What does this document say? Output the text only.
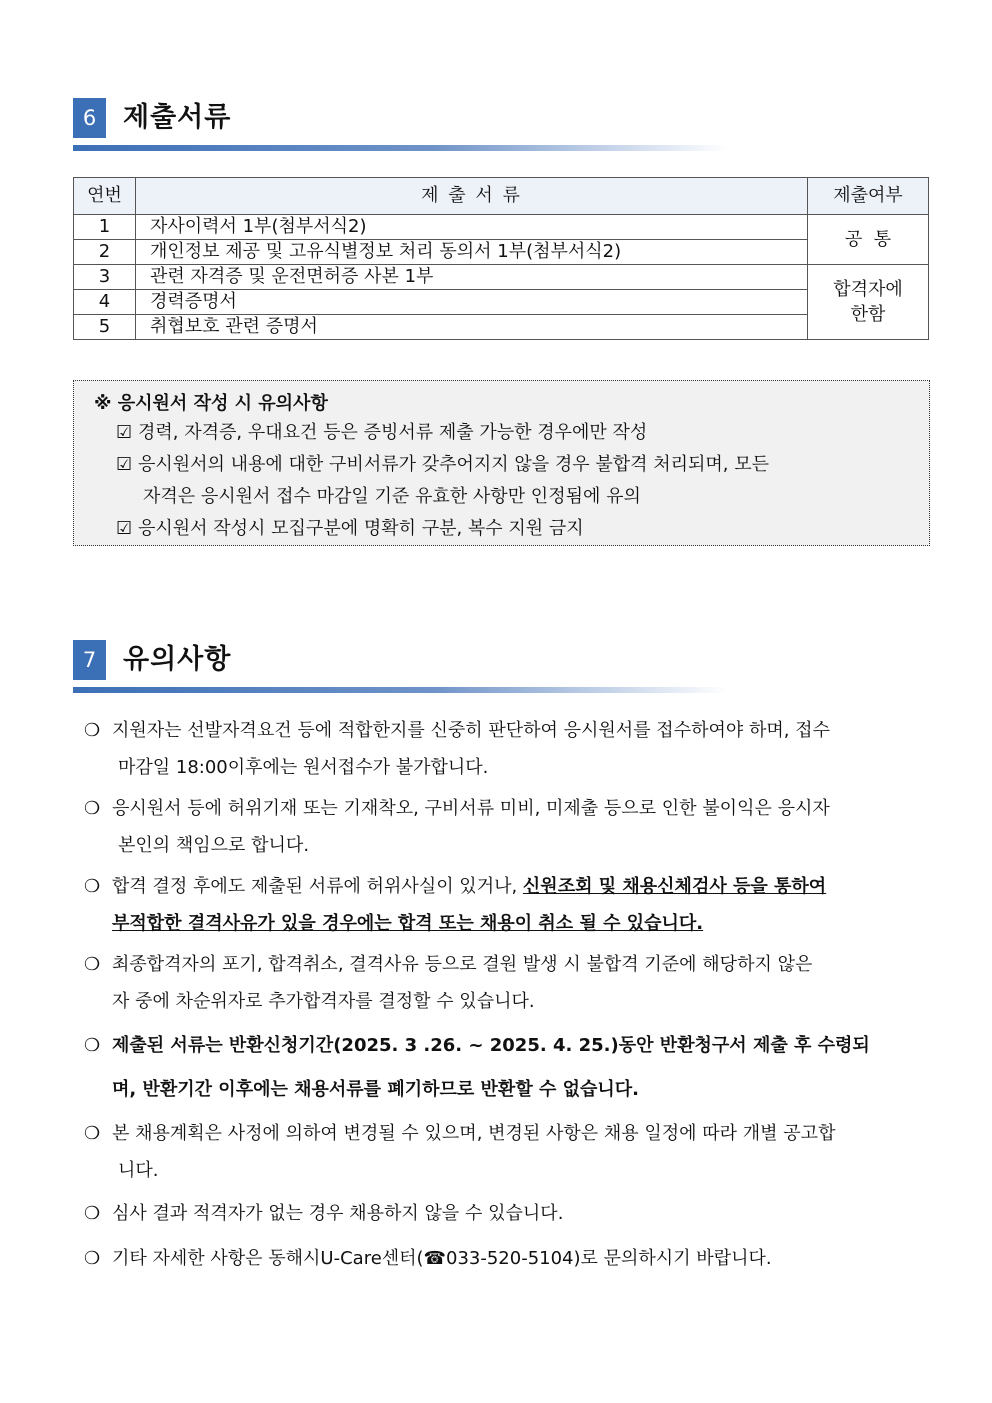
6 제출서류
연번	제 출 서 류	제출여부
1	자사이력서 1부(첨부서식2)	공  통
2	개인정보 제공 및 고유식별정보 처리 동의서 1부(첨부서식2)	
3	관련 자격증 및 운전면허증 사본 1부	합격자에
한함

4	경력증명서	
5	취협보호 관련 증명서	
※ 응시원서 작성 시 유의사항
☑ 경력, 자격증, 우대요건 등은 증빙서류 제출 가능한 경우에만 작성
☑ 응시원서의 내용에 대한 구비서류가 갖추어지지 않을 경우 불합격 처리되며, 모든
자격은 응시원서 접수 마감일 기준 유효한 사항만 인정됨에 유의
☑ 응시원서 작성시 모집구분에 명확히 구분, 복수 지원 금지
7 유의사항
❍ 지원자는 선발자격요건 등에 적합한지를 신중히 판단하여 응시원서를 접수하여야 하며, 접수
마감일 18:00이후에는 원서접수가 불가합니다.
❍ 응시원서 등에 허위기재 또는 기재착오, 구비서류 미비, 미제출 등으로 인한 불이익은 응시자
본인의 책임으로 합니다.
❍ 합격 결정 후에도 제출된 서류에 허위사실이 있거나, 신원조회 및 채용신체검사 등을 통하여
부적합한 결격사유가 있을 경우에는 합격 또는 채용이 취소 될 수 있습니다.
❍ 최종합격자의 포기, 합격취소, 결격사유 등으로 결원 발생 시 불합격 기준에 해당하지 않은
자 중에 차순위자로 추가합격자를 결정할 수 있습니다.
❍ 제출된 서류는 반환신청기간(2025. 3 .26. ~ 2025. 4. 25.)동안 반환청구서 제출 후 수령되
며, 반환기간 이후에는 채용서류를 폐기하므로 반환할 수 없습니다.
❍ 본 채용계획은 사정에 의하여 변경될 수 있으며, 변경된 사항은 채용 일정에 따라 개별 공고합
니다.
❍ 심사 결과 적격자가 없는 경우 채용하지 않을 수 있습니다.
❍ 기타 자세한 사항은 동해시U-Care센터(☎033-520-5104)로 문의하시기 바랍니다.
